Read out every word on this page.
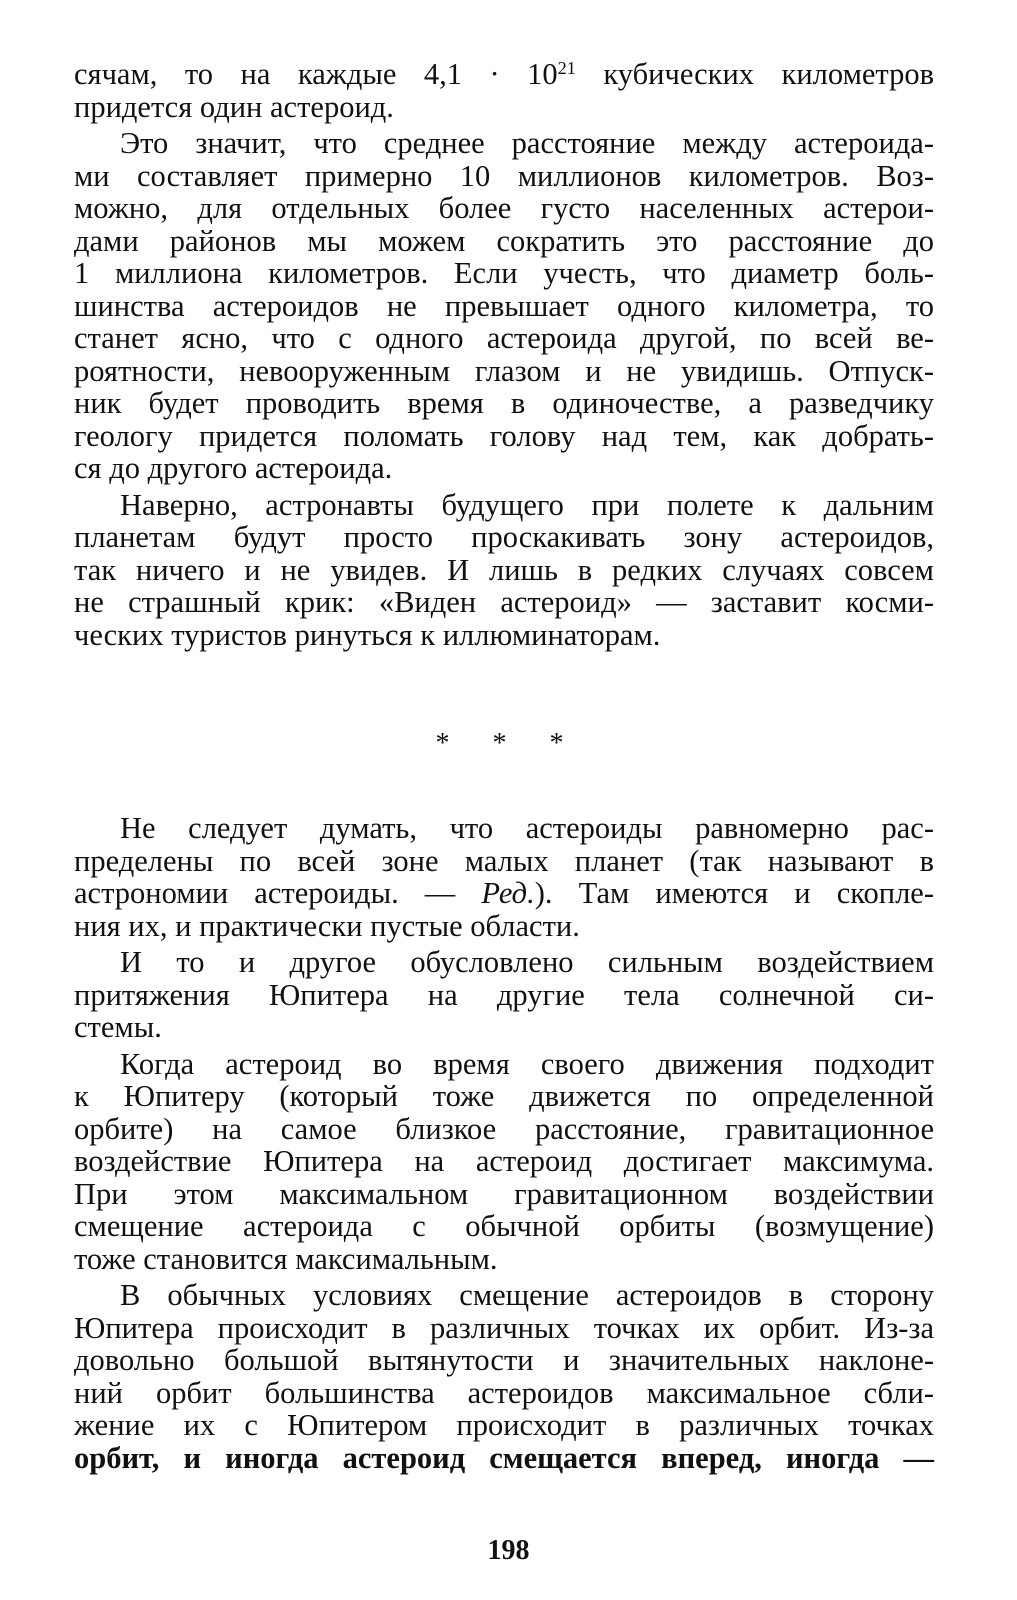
сячам, то на каждые $4,1 \cdot 10^{21}$ кубических километров
придется один астероид.

Это значит, что среднее расстояние между астероида-
ми составляет примерно 10 миллионов километров. Воз-
можно, для отдельных более густо населенных астерои-
дами районов мы можем сократить это расстояние до
1 миллиона километров. Если учесть, что диаметр боль-
шинства астероидов не превышает одного километра, то
станет ясно, что с одного астероида другой, по всей ве-
роятности, невооруженным глазом и не увидишь. Отпуск-
ник будет проводить время в одиночестве, а разведчику
геологу придется поломать голову над тем, как добрать-
ся до другого астероида.

Наверно, астронавты будущего при полете к дальним
планетам будут просто проскакивать зону астероидов,
так ничего и не увидев. И лишь в редких случаях совсем
не страшный крик: «Виден астероид» — заставит косми-
ческих туристов ринуться к иллюминаторам.

* * *

Не следует думать, что астероиды равномерно рас-
пределены по всей зоне малых планет (так называют в
астрономии астероиды. — Ред.). Там имеются и скопле-
ния их, и практически пустые области.

И то и другое обусловлено сильным воздействием
притяжения Юпитера на другие тела солнечной си-
стемы.

Когда астероид во время своего движения подходит
к Юпитеру (который тоже движется по определенной
орбите) на самое близкое расстояние, гравитационное
воздействие Юпитера на астероид достигает максимума.
При этом максимальном гравитационном воздействии
смещение астероида с обычной орбиты (возмущение)
тоже становится максимальным.

В обычных условиях смещение астероидов в сторону
Юпитера происходит в различных точках их орбит. Из-за
довольно большой вытянутости и значительных наклоне-
ний орбит большинства астероидов максимальное сбли-
жение их с Юпитером происходит в различных точках
орбит, и иногда астероид смещается вперед, иногда —

198
